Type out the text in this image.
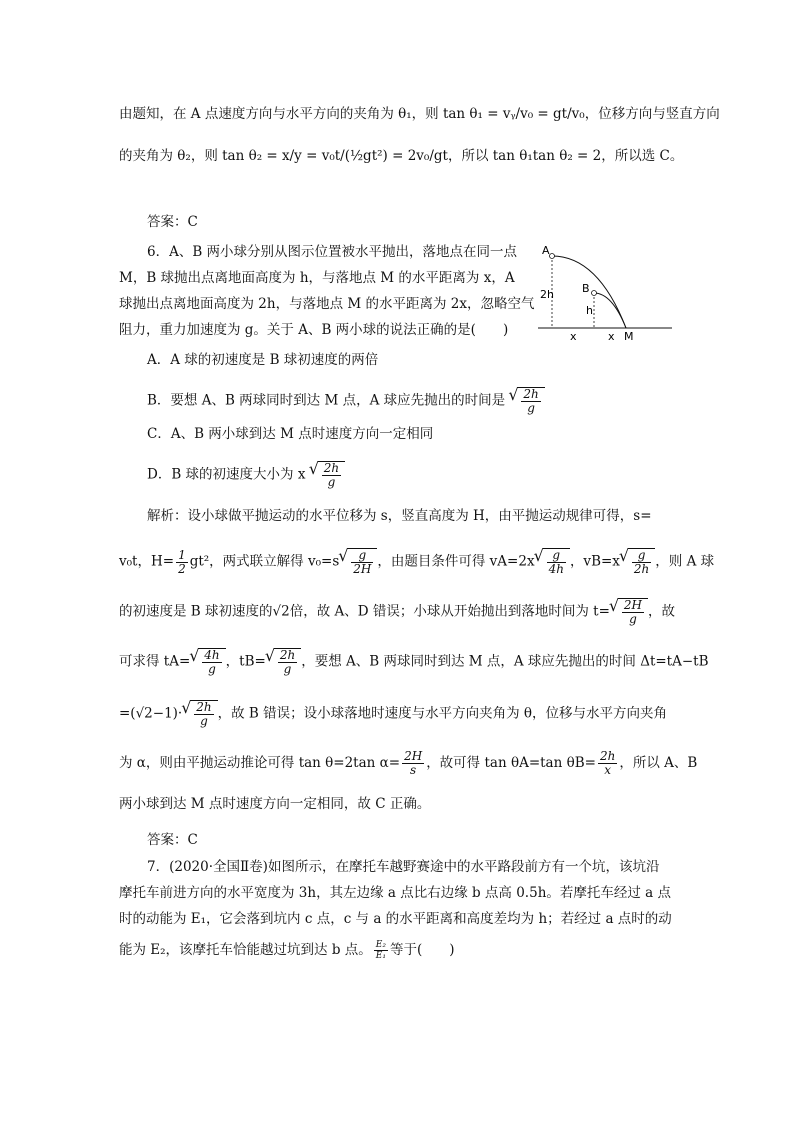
由题知，在 A 点速度方向与水平方向的夹角为 θ₁，则 tan θ₁ = vᵧ/v₀ = gt/v₀，位移方向与竖直方向
的夹角为 θ₂，则 tan θ₂ = x/y = v₀t/(½gt²) = 2v₀/gt，所以 tan θ₁tan θ₂ = 2，所以选 C。
答案：C
6．A、B 两小球分别从图示位置被水平抛出，落地点在同一点
M，B 球抛出点离地面高度为 h，与落地点 M 的水平距离为 x，A
球抛出点离地面高度为 2h，与落地点 M 的水平距离为 2x，忽略空气
阻力，重力加速度为 g。关于 A、B 两小球的说法正确的是(　　)
A
B
2h
h
x	x M
A．A 球的初速度是 B 球初速度的两倍
B．要想 A、B 两球同时到达 M 点，A 球应先抛出的时间是 √ $\frac{2h}{g}$
C．A、B 两小球到达 M 点时速度方向一定相同
D．B 球的初速度大小为 x √ $\frac{2h}{g}$
解析：设小球做平抛运动的水平位移为 s，竖直高度为 H，由平抛运动规律可得，s=
v₀t，$H= \frac{1}{2} gt^2$，两式联立解得 v₀=s √ $\frac{g}{2H}$ ，由题目条件可得 vA=2x √ $\frac{g}{4h}$ ，vB=x √ $\frac{g}{2h}$ ，则 A 球
的初速度是 B 球初速度的√2倍，故 A、D 错误；小球从开始抛出到落地时间为 t= √ $\frac{2H}{g}$ ，故
可求得 tA= √ $\frac{4h}{g}$ ，tB= √ $\frac{2h}{g}$ ，要想 A、B 两球同时到达 M 点，A 球应先抛出的时间 Δt=tA−tB
=(√2−1)· √ $\frac{2h}{g}$ ，故 B 错误；设小球落地时速度与水平方向夹角为 θ，位移与水平方向夹角
为 α，则由平抛运动推论可得 tan θ=2tan $\alpha= \frac{2H}{s}$ ，故可得 tan θA=tan $\theta B= \frac{2h}{x}$ ，所以 A、B
两小球到达 M 点时速度方向一定相同，故 C 正确。
答案：C
7．(2020·全国Ⅱ卷)如图所示，在摩托车越野赛途中的水平路段前方有一个坑，该坑沿
摩托车前进方向的水平宽度为 3h，其左边缘 a 点比右边缘 b 点高 0.5h。若摩托车经过 a 点
时的动能为 E₁，它会落到坑内 c 点，c 与 a 的水平距离和高度差均为 h；若经过 a 点时的动
能为 E₂，该摩托车恰能越过坑到达 b 点。 $\frac{\text{E₂}}{\text{E₁}}$ 等于(　　)
